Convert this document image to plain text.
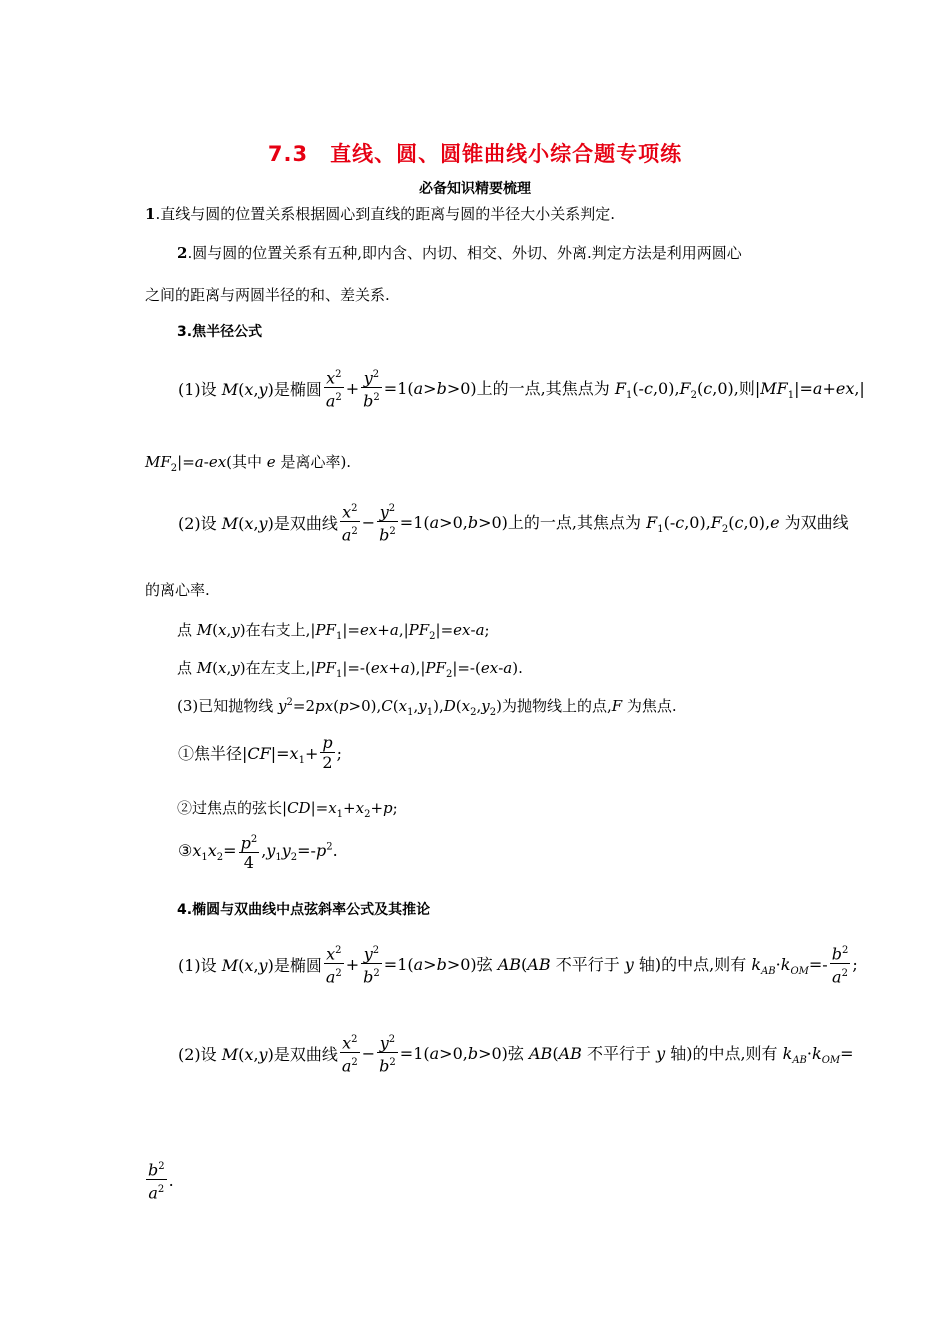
7.3　直线、圆、圆锥曲线小综合题专项练
必备知识精要梳理
1.直线与圆的位置关系根据圆心到直线的距离与圆的半径大小关系判定.
2.圆与圆的位置关系有五种,即内含、内切、相交、外切、外离.判定方法是利用两圆心
之间的距离与两圆半径的和、差关系.
3.焦半径公式
(1)设 M(x,y)是椭圆 $\frac{x^2}{a^2} + \frac{y^2}{b^2} =1(a>b>0)$上的一点,其焦点为 $F_1(-c,0),F_2(c,0)$,则$|MF_1|=a+ex,|$
$MF_2|=a-ex$(其中 e 是离心率).
(2)设 M(x,y)是双曲线 $\frac{x^2}{a^2} - \frac{y^2}{b^2} =1(a>0,b>0)$上的一点,其焦点为 $F_1(-c,0),F_2(c,0),e$ 为双曲线
的离心率.
点 M(x,y)在右支上$,|PF_1|=ex+a,|PF_2|=ex-a$;
点 M(x,y)在左支上$,|PF_1|=-(ex+a),|PF_2|=-(ex-a)$.
(3)已知抛物线 $y^2=2px(p>0),C(x_1,y_1),D(x_2,y_2)$为抛物线上的点,F 为焦点.
①焦半径$|CF|=x_1+ \frac{p}{2}$ ;
②过焦点的弦长$|CD|=x_1+x_2+p$;
$③x_1x_2= \frac{p^2}{4} ,y_1y_2=-p^2$.
4.椭圆与双曲线中点弦斜率公式及其推论
(1)设 M(x,y)是椭圆 $\frac{x^2}{a^2} + \frac{y^2}{b^2} =1(a>b>0)$弦 AB(AB 不平行于 y 轴)的中点,则有 $k_{AB}\cdot k_{OM}=- \frac{b^2}{a^2}$ ;
(2)设 M(x,y)是双曲线 $\frac{x^2}{a^2} - \frac{y^2}{b^2} =1(a>0,b>0)$弦 AB(AB 不平行于 y 轴)的中点,则有 $k_{AB}\cdot k_{OM}=$
$\frac{b^2}{a^2}$ .
